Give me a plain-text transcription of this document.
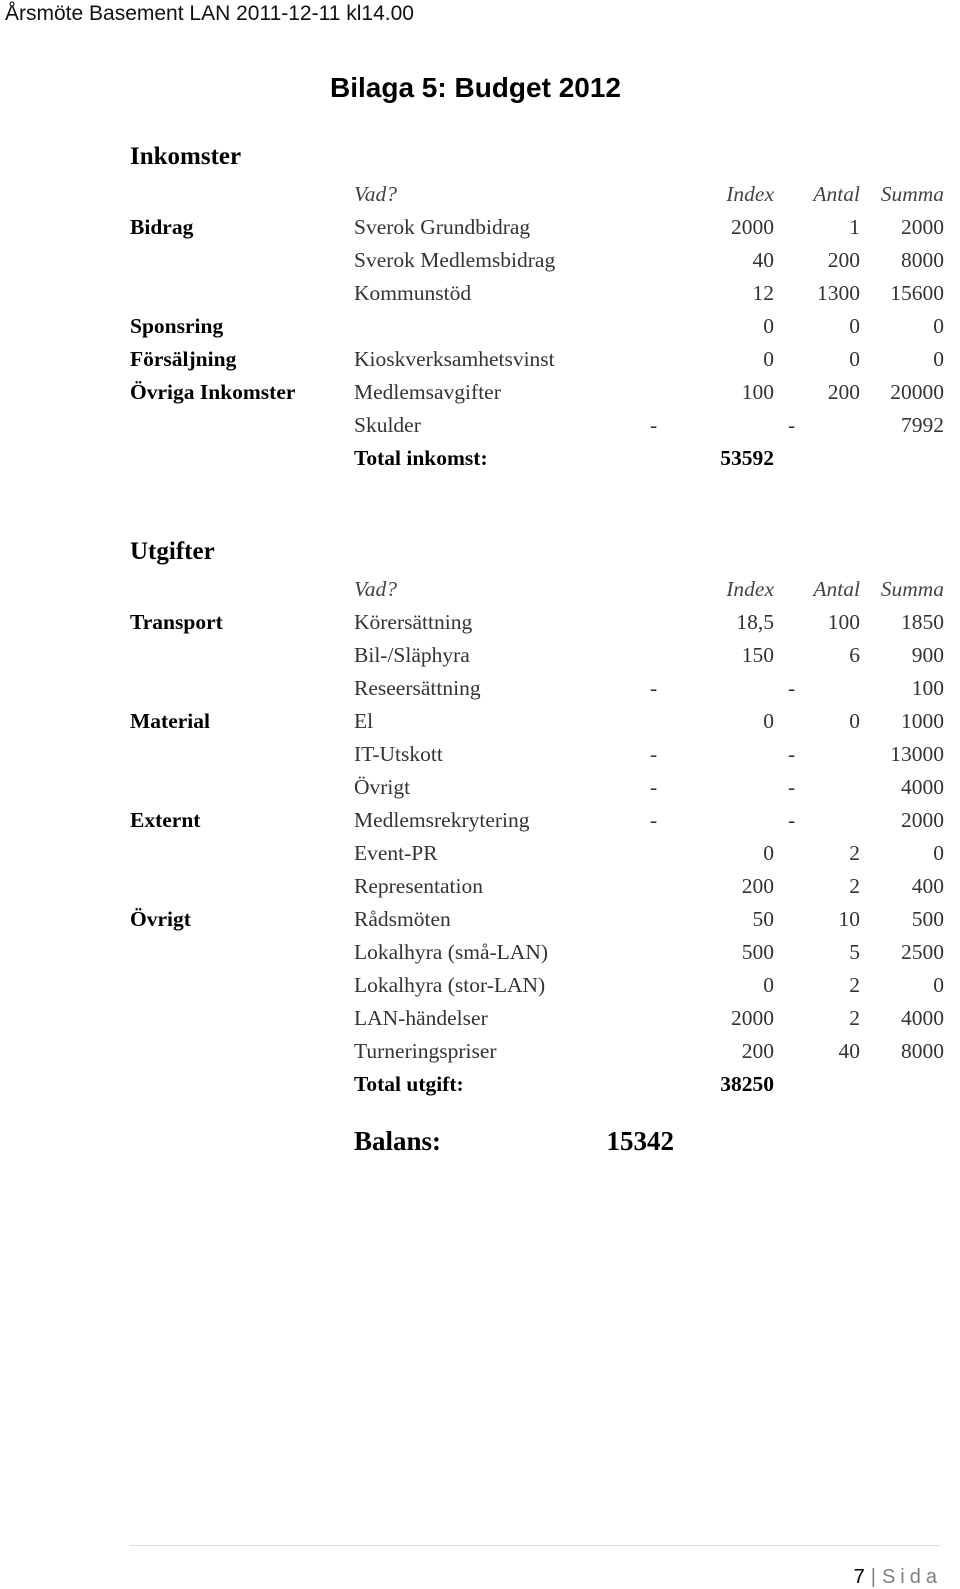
Årsmöte Basement LAN 2011-12-11 kl14.00
Bilaga 5: Budget 2012
Inkomster
	Vad?	Index	Antal	Summa
Bidrag	Sverok Grundbidrag	2000	1	2000
	Sverok Medlemsbidrag	40	200	8000
	Kommunstöd	12	1300	15600
Sponsring		0	0	0
Försäljning	Kioskverksamhetsvinst	0	0	0
Övriga Inkomster	Medlemsavgifter	100	200	20000
	Skulder	-	-	7992
	Total inkomst:	53592		
Utgifter
	Vad?	Index	Antal	Summa
Transport	Körersättning	18,5	100	1850
	Bil-/Släphyra	150	6	900
	Reseersättning	-	-	100
Material	El	0	0	1000
	IT-Utskott	-	-	13000
	Övrigt	-	-	4000
Externt	Medlemsrekrytering	-	-	2000
	Event-PR	0	2	0
	Representation	200	2	400
Övrigt	Rådsmöten	50	10	500
	Lokalhyra (små-LAN)	500	5	2500
	Lokalhyra (stor-LAN)	0	2	0
	LAN-händelser	2000	2	4000
	Turneringspriser	200	40	8000
	Total utgift:	38250		
Balans:	15342
7 | Sida
